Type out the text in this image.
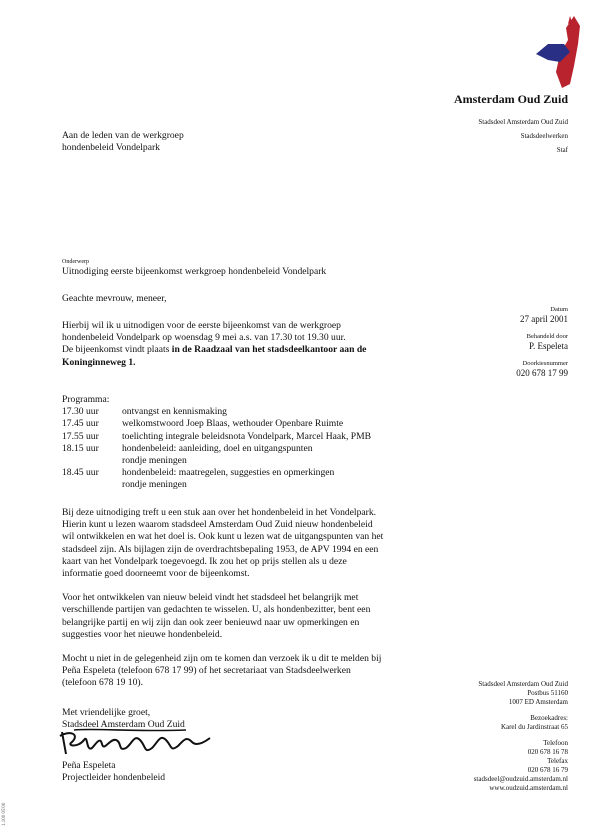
Amsterdam Oud Zuid
Stadsdeel Amsterdam Oud Zuid
Stadsdeelwerken
Staf
Aan de leden van de werkgroep
hondenbeleid Vondelpark
Onderwerp
Uitnodiging eerste bijeenkomst werkgroep hondenbeleid Vondelpark
Geachte mevrouw, meneer,
Datum
27 april 2001
Behandeld door
P. Espeleta
Doorkiesnummer
020 678 17 99
Hierbij wil ik u uitnodigen voor de eerste bijeenkomst van de werkgroep
hondenbeleid Vondelpark op woensdag 9 mei a.s. van 17.30 tot 19.30 uur.
De bijeenkomst vindt plaats in de Raadzaal van het stadsdeelkantoor aan de
Koninginneweg 1.
Programma:
17.30 uur	ontvangst en kennismaking
17.45 uur	welkomstwoord Joep Blaas, wethouder Openbare Ruimte
17.55 uur	toelichting integrale beleidsnota Vondelpark, Marcel Haak, PMB
18.15 uur	hondenbeleid: aanleiding, doel en uitgangspunten
rondje meningen
18.45 uur	hondenbeleid: maatregelen, suggesties en opmerkingen
rondje meningen
Bij deze uitnodiging treft u een stuk aan over het hondenbeleid in het Vondelpark.
Hierin kunt u lezen waarom stadsdeel Amsterdam Oud Zuid nieuw hondenbeleid
wil ontwikkelen en wat het doel is. Ook kunt u lezen wat de uitgangspunten van het
stadsdeel zijn. Als bijlagen zijn de overdrachtsbepaling 1953, de APV 1994 en een
kaart van het Vondelpark toegevoegd. Ik zou het op prijs stellen als u deze
informatie goed doorneemt voor de bijeenkomst.
Voor het ontwikkelen van nieuw beleid vindt het stadsdeel het belangrijk met
verschillende partijen van gedachten te wisselen. U, als hondenbezitter, bent een
belangrijke partij en wij zijn dan ook zeer benieuwd naar uw opmerkingen en
suggesties voor het nieuwe hondenbeleid.
Mocht u niet in de gelegenheid zijn om te komen dan verzoek ik u dit te melden bij
Peña Espeleta (telefoon 678 17 99) of het secretariaat van Stadsdeelwerken
(telefoon 678 19 10).
Met vriendelijke groet,
Stadsdeel Amsterdam Oud Zuid
Peña Espeleta
Projectleider hondenbeleid
Stadsdeel Amsterdam Oud Zuid
Postbus 51160
1007 ED Amsterdam
Bezoekadres:
Karel du Jardinstraat 65
Telefoon
020 678 16 78
Telefax
020 678 16 79
stadsdeel@oudzuid.amsterdam.nl
www.oudzuid.amsterdam.nl
1.100 05'00
